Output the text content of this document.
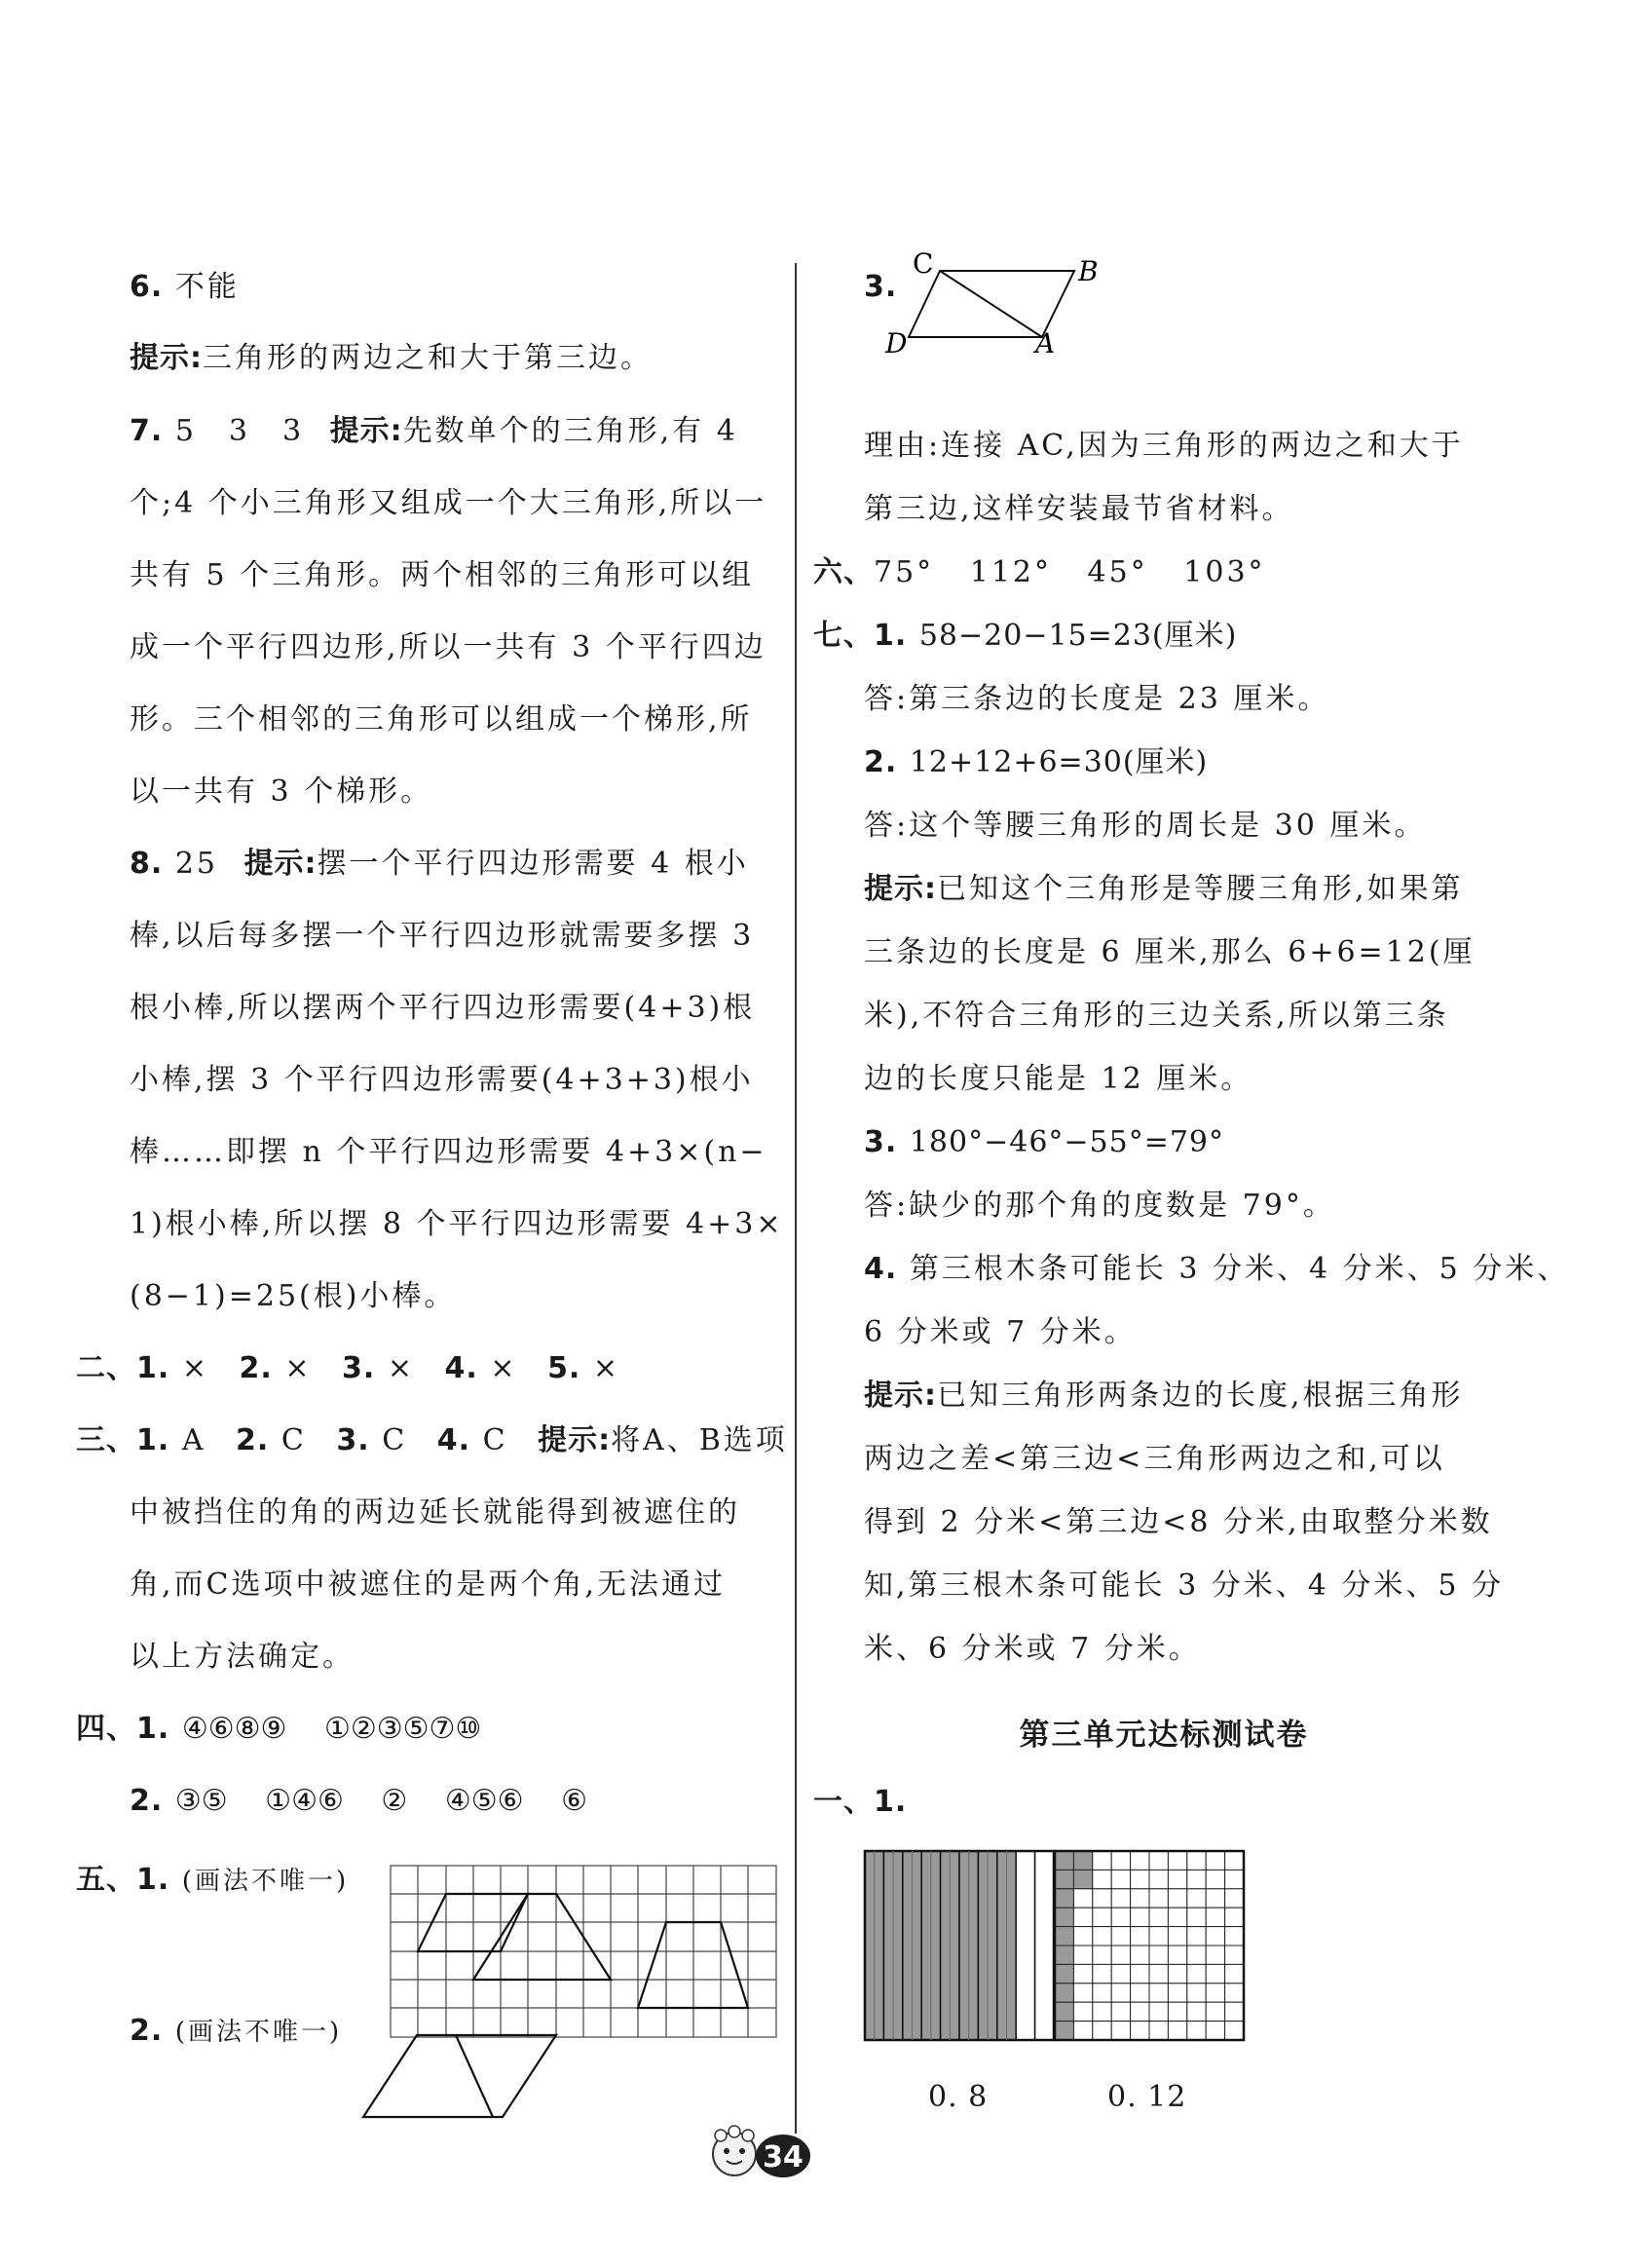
6. 不能
提示:三角形的两边之和大于第三边。
7. 5　3　3 提示:先数单个的三角形,有 4
个;4 个小三角形又组成一个大三角形,所以一
共有 5 个三角形。两个相邻的三角形可以组
成一个平行四边形,所以一共有 3 个平行四边
形。三个相邻的三角形可以组成一个梯形,所
以一共有 3 个梯形。
8. 25 提示:摆一个平行四边形需要 4 根小
棒,以后每多摆一个平行四边形就需要多摆 3
根小棒,所以摆两个平行四边形需要(4+3)根
小棒,摆 3 个平行四边形需要(4+3+3)根小
棒……即摆 n 个平行四边形需要 4+3×(n−
1)根小棒,所以摆 8 个平行四边形需要 4+3×
(8−1)=25(根)小棒。
二、1. × 2. × 3. × 4. × 5. ×
三、1. A 2. C 3. C 4. C 提示:将A、B选项
中被挡住的角的两边延长就能得到被遮住的
角,而C选项中被遮住的是两个角,无法通过
以上方法确定。
四、1. ④⑥⑧⑨ ①②③⑤⑦⑩
2. ③⑤ ①④⑥ ② ④⑤⑥ ⑥
五、1. (画法不唯一)
2. (画法不唯一)
3.
C	B
D	A
理由:连接 AC,因为三角形的两边之和大于
第三边,这样安装最节省材料。
六、75° 112° 45° 103°
七、1. 58−20−15=23(厘米)
答:第三条边的长度是 23 厘米。
2. 12+12+6=30(厘米)
答:这个等腰三角形的周长是 30 厘米。
提示:已知这个三角形是等腰三角形,如果第
三条边的长度是 6 厘米,那么 6+6=12(厘
米),不符合三角形的三边关系,所以第三条
边的长度只能是 12 厘米。
3. 180°−46°−55°=79°
答:缺少的那个角的度数是 79°。
4. 第三根木条可能长 3 分米、4 分米、5 分米、
6 分米或 7 分米。
提示:已知三角形两条边的长度,根据三角形
两边之差<第三边<三角形两边之和,可以
得到 2 分米<第三边<8 分米,由取整分米数
知,第三根木条可能长 3 分米、4 分米、5 分
米、6 分米或 7 分米。
第三单元达标测试卷
一、1.
0. 8	0. 12
34
